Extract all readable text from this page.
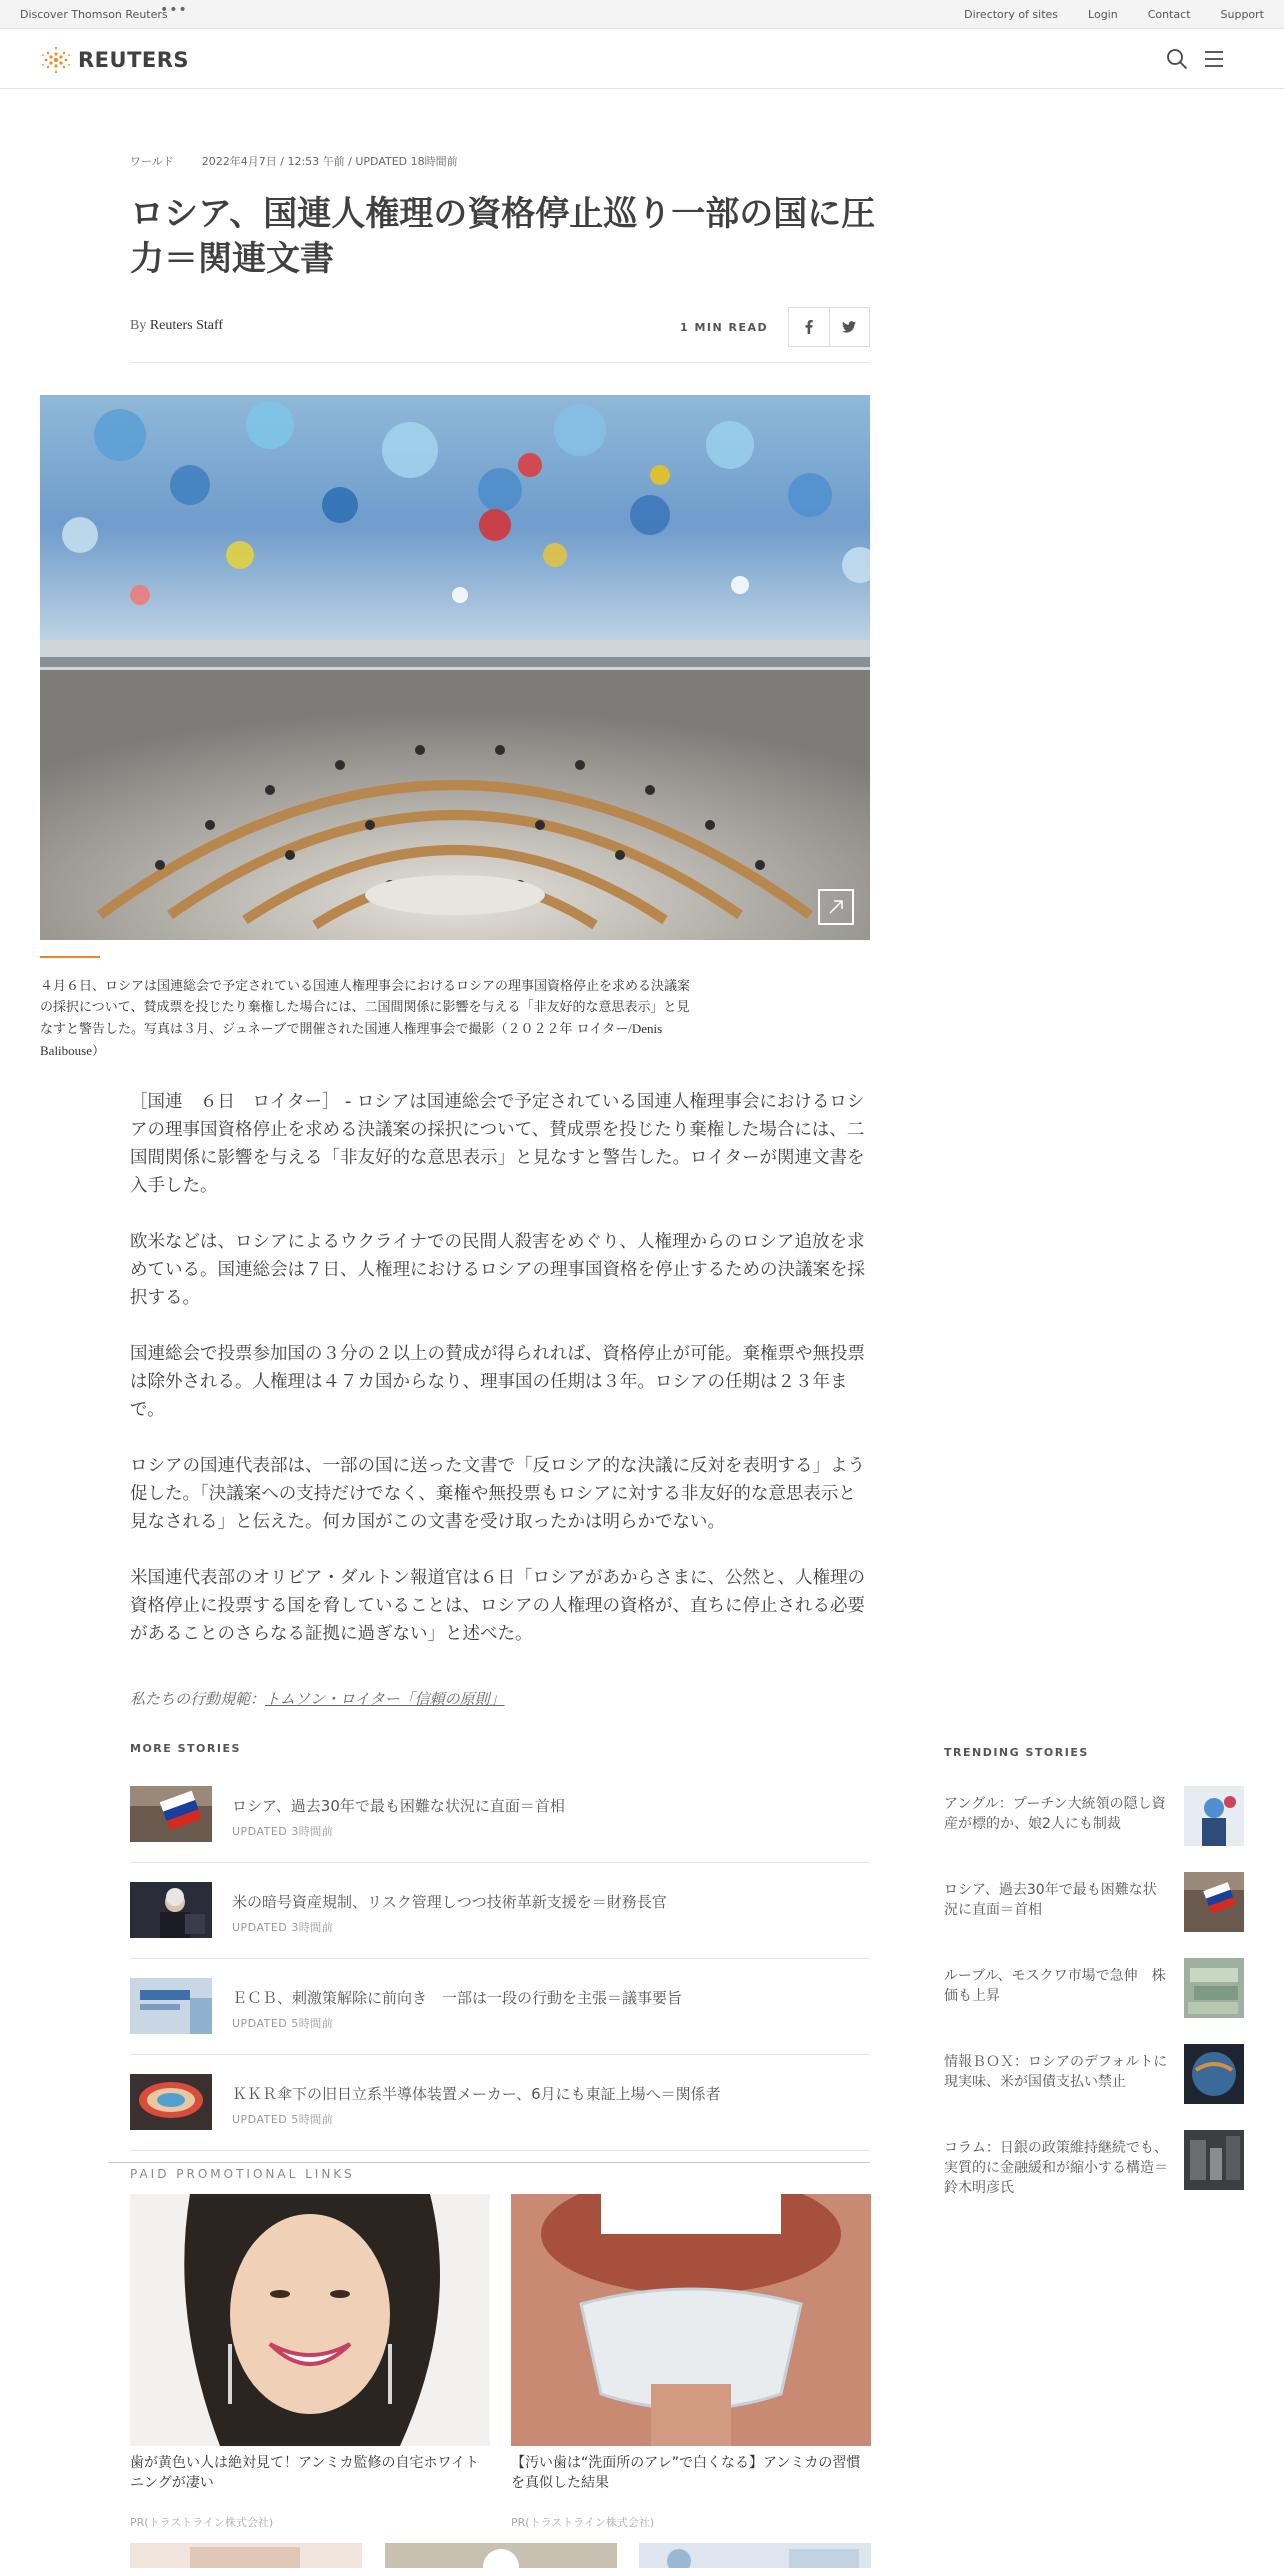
Discover Thomson Reuters
•••	Directory of sites	Login	Contact	Support
REUTERS
ワールド	2022年4月7日 / 12:53 午前 / UPDATED 18時間前
ロシア、国連人権理の資格停止巡り一部の国に圧力＝関連文書
By Reuters Staff	1 MIN READ
４月６日、ロシアは国連総会で予定されている国連人権理事会におけるロシアの理事国資格停止を求める決議案の採択について、賛成票を投じたり棄権した場合には、二国間関係に影響を与える「非友好的な意思表示」と見なすと警告した。写真は３月、ジュネーブで開催された国連人権理事会で撮影（２０２２年 ロイター/Denis Balibouse）

［国連　６日　ロイター］ - ロシアは国連総会で予定されている国連人権理事会におけるロシアの理事国資格停止を求める決議案の採択について、賛成票を投じたり棄権した場合には、二国間関係に影響を与える「非友好的な意思表示」と見なすと警告した。ロイターが関連文書を入手した。

欧米などは、ロシアによるウクライナでの民間人殺害をめぐり、人権理からのロシア追放を求めている。国連総会は７日、人権理におけるロシアの理事国資格を停止するための決議案を採択する。

国連総会で投票参加国の３分の２以上の賛成が得られれば、資格停止が可能。棄権票や無投票は除外される。人権理は４７カ国からなり、理事国の任期は３年。ロシアの任期は２３年まで。

ロシアの国連代表部は、一部の国に送った文書で「反ロシア的な決議に反対を表明する」よう促した。「決議案への支持だけでなく、棄権や無投票もロシアに対する非友好的な意思表示と見なされる」と伝えた。何カ国がこの文書を受け取ったかは明らかでない。

米国連代表部のオリビア・ダルトン報道官は６日「ロシアがあからさまに、公然と、人権理の資格停止に投票する国を脅していることは、ロシアの人権理の資格が、直ちに停止される必要があることのさらなる証拠に過ぎない」と述べた。

私たちの行動規範：トムソン・ロイター「信頼の原則」
MORE STORIES
ロシア、過去30年で最も困難な状況に直面＝首相
UPDATED 3時間前
米の暗号資産規制、リスク管理しつつ技術革新支援を＝財務長官
UPDATED 3時間前
ＥＣＢ、刺激策解除に前向き　一部は一段の行動を主張＝議事要旨
UPDATED 5時間前
ＫＫＲ傘下の旧日立系半導体装置メーカー、6月にも東証上場へ＝関係者
UPDATED 5時間前
TRENDING STORIES
アングル：プーチン大統領の隠し資産が標的か、娘2人にも制裁
ロシア、過去30年で最も困難な状況に直面＝首相
ルーブル、モスクワ市場で急伸　株価も上昇
情報ＢＯＸ：ロシアのデフォルトに現実味、米が国債支払い禁止
コラム：日銀の政策維持継続でも、実質的に金融緩和が縮小する構造＝鈴木明彦氏
PAID PROMOTIONAL LINKS
歯が黄色い人は絶対見て！アンミカ監修の自宅ホワイトニングが凄い
PR(トラストライン株式会社)
【汚い歯は“洗面所のアレ”で白くなる】アンミカの習慣を真似した結果
PR(トラストライン株式会社)
